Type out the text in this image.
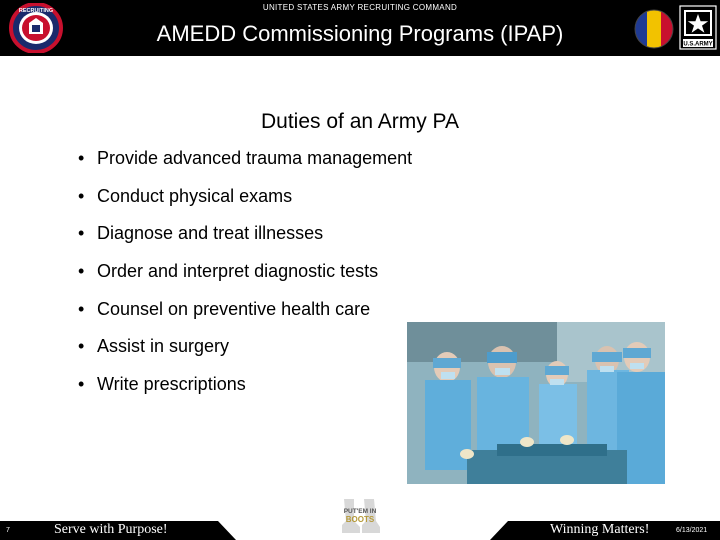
UNITED STATES ARMY RECRUITING COMMAND
AMEDD Commissioning Programs (IPAP)
RECRUITING
U.S.ARMY
Duties of an Army PA
• Provide advanced trauma management
• Conduct physical exams
• Diagnose and treat illnesses
• Order and interpret diagnostic tests
• Counsel on preventive health care
• Assist in surgery
• Write prescriptions
7	Serve with Purpose!	Winning Matters!	6/13/2021
PUT'EM IN
BOOTS
